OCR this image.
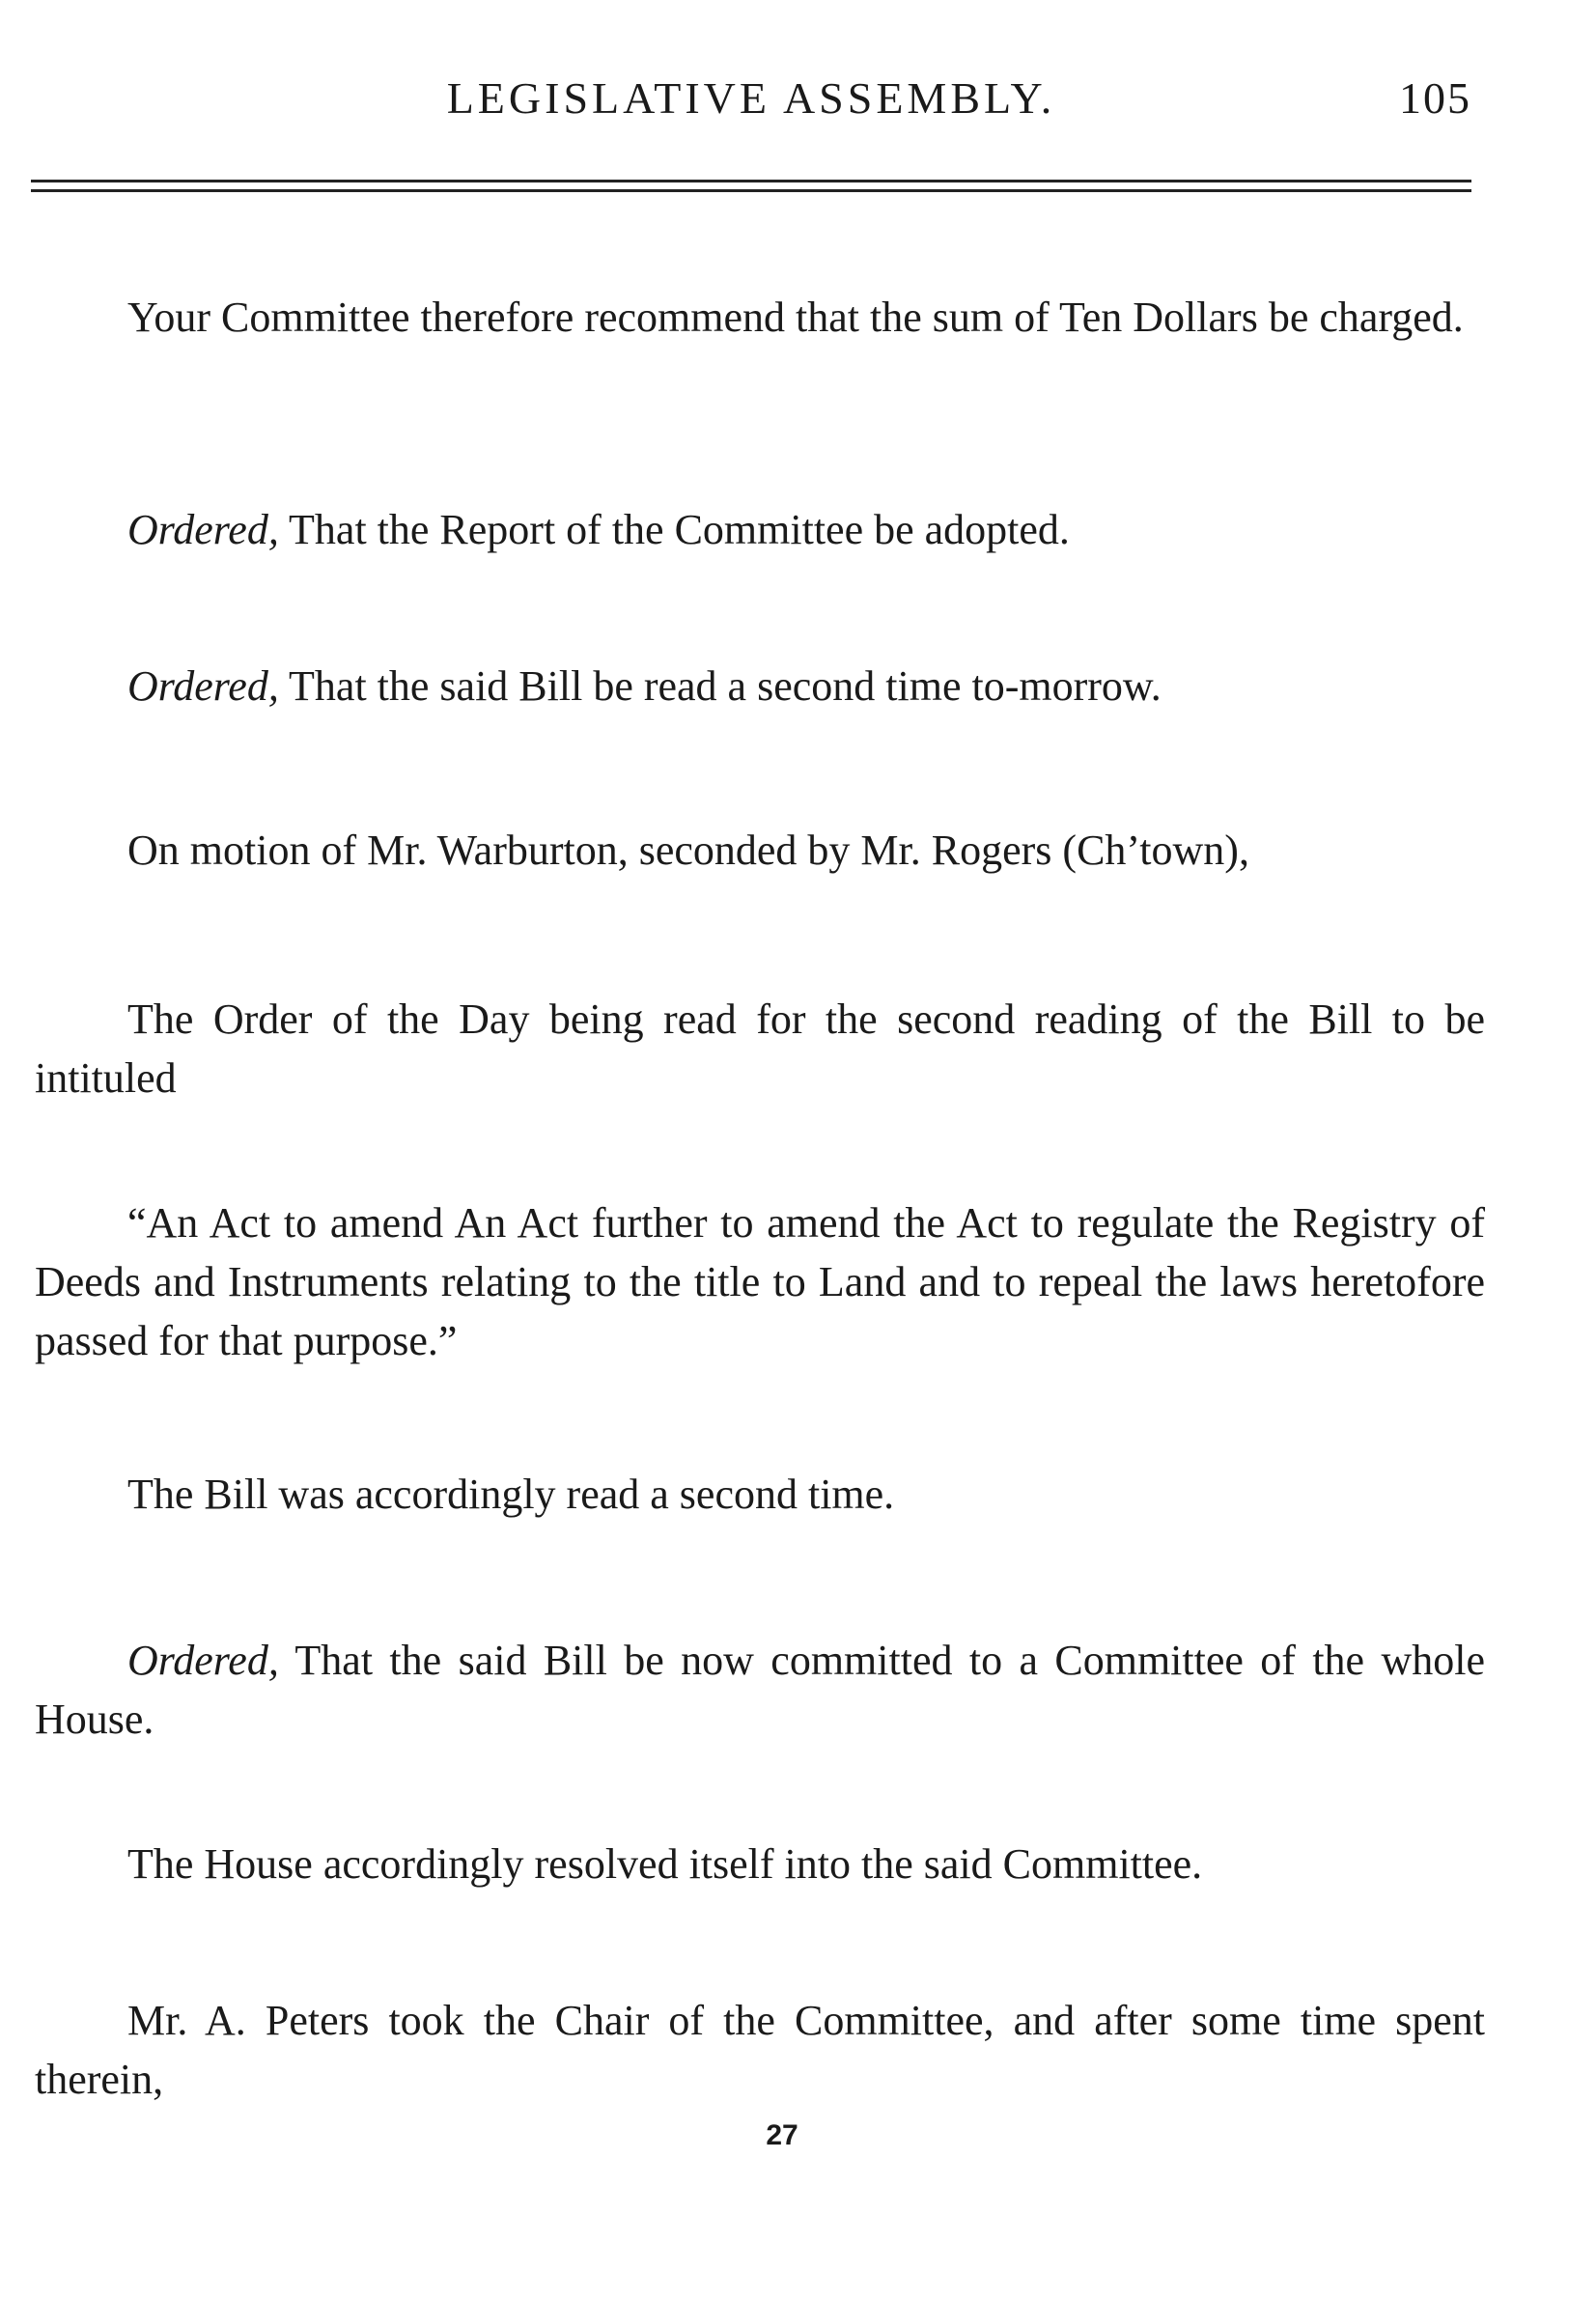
LEGISLATIVE ASSEMBLY.	105

Your Committee therefore recommend that the sum of Ten Dollars be charged.

Ordered, That the Report of the Committee be adopted.

Ordered, That the said Bill be read a second time to-morrow.

On motion of Mr. Warburton, seconded by Mr. Rogers (Ch’town),

The Order of the Day being read for the second reading of the Bill to be intituled

“An Act to amend An Act further to amend the Act to regulate the Registry of Deeds and Instruments relating to the title to Land and to repeal the laws heretofore passed for that purpose.”

The Bill was accordingly read a second time.

Ordered, That the said Bill be now committed to a Committee of the whole House.

The House accordingly resolved itself into the said Committee.

Mr. A. Peters took the Chair of the Committee, and after some time spent therein,

27
